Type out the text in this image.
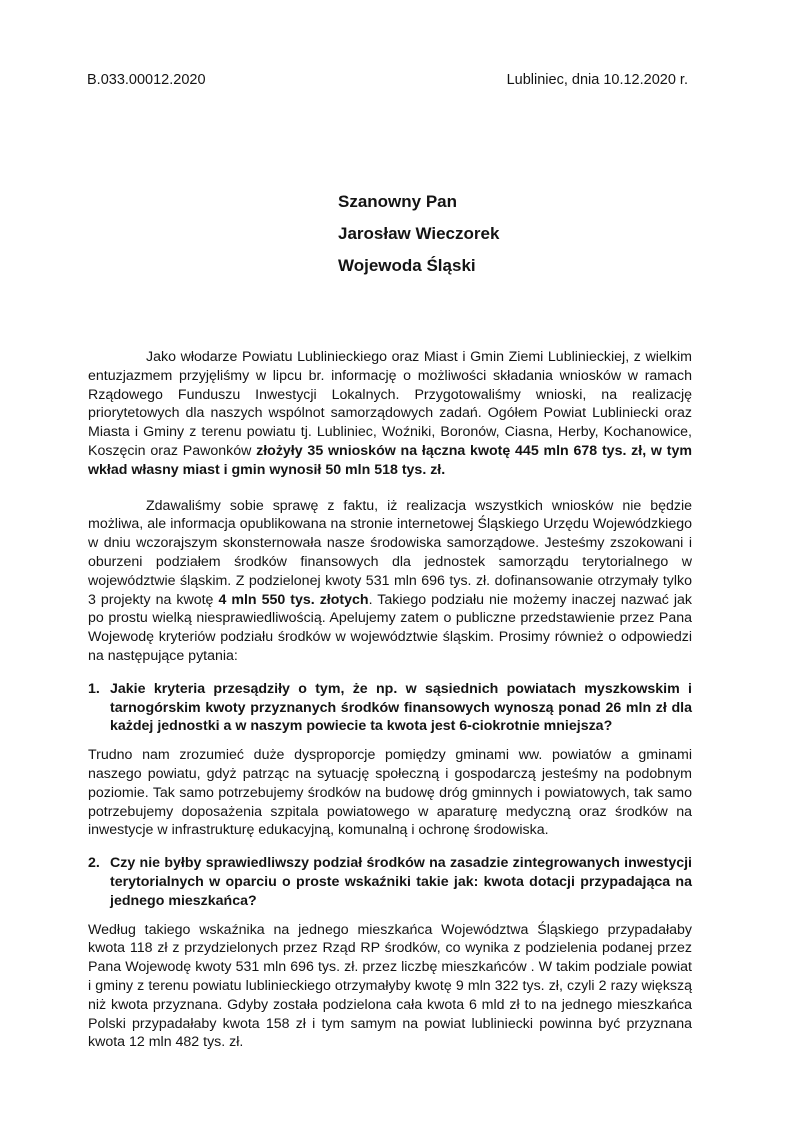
B.033.00012.2020	Lubliniec, dnia 10.12.2020 r.
Szanowny Pan
Jarosław Wieczorek
Wojewoda Śląski

Jako włodarze Powiatu Lublinieckiego oraz Miast i Gmin Ziemi Lublinieckiej, z wielkim entuzjazmem przyjęliśmy w lipcu br. informację o możliwości składania wniosków w ramach Rządowego Funduszu Inwestycji Lokalnych. Przygotowaliśmy wnioski, na realizację priorytetowych dla naszych wspólnot samorządowych zadań. Ogółem Powiat Lubliniecki oraz Miasta i Gminy z terenu powiatu tj. Lubliniec, Woźniki, Boronów, Ciasna, Herby, Kochanowice, Koszęcin oraz Pawonków złożyły 35 wniosków na łączna kwotę 445 mln 678 tys. zł, w tym wkład własny miast i gmin wynosił 50 mln 518 tys. zł.

Zdawaliśmy sobie sprawę z faktu, iż realizacja wszystkich wniosków nie będzie możliwa, ale informacja opublikowana na stronie internetowej Śląskiego Urzędu Wojewódzkiego w dniu wczorajszym skonsternowała nasze środowiska samorządowe. Jesteśmy zszokowani i oburzeni podziałem środków finansowych dla jednostek samorządu terytorialnego w województwie śląskim. Z podzielonej kwoty 531 mln 696 tys. zł. dofinansowanie otrzymały tylko 3 projekty na kwotę 4 mln 550 tys. złotych. Takiego podziału nie możemy inaczej nazwać jak po prostu wielką niesprawiedliwością. Apelujemy zatem o publiczne przedstawienie przez Pana Wojewodę kryteriów podziału środków w województwie śląskim. Prosimy również o odpowiedzi na następujące pytania:

1. Jakie kryteria przesądziły o tym, że np. w sąsiednich powiatach myszkowskim i tarnogórskim kwoty przyznanych środków finansowych wynoszą ponad 26 mln zł dla każdej jednostki a w naszym powiecie ta kwota jest 6-ciokrotnie mniejsza?

Trudno nam zrozumieć duże dysproporcje pomiędzy gminami ww. powiatów a gminami naszego powiatu, gdyż patrząc na sytuację społeczną i gospodarczą jesteśmy na podobnym poziomie. Tak samo potrzebujemy środków na budowę dróg gminnych i powiatowych, tak samo potrzebujemy doposażenia szpitala powiatowego w aparaturę medyczną oraz środków na inwestycje w infrastrukturę edukacyjną, komunalną i ochronę środowiska.

2. Czy nie byłby sprawiedliwszy podział środków na zasadzie zintegrowanych inwestycji terytorialnych w oparciu o proste wskaźniki takie jak: kwota dotacji przypadająca na jednego mieszkańca?

Według takiego wskaźnika na jednego mieszkańca Województwa Śląskiego przypadałaby kwota 118 zł z przydzielonych przez Rząd RP środków, co wynika z podzielenia podanej przez Pana Wojewodę kwoty 531 mln 696 tys. zł. przez liczbę mieszkańców . W takim podziale powiat i gminy z terenu powiatu lublinieckiego otrzymałyby kwotę 9 mln 322 tys. zł, czyli 2 razy większą niż kwota przyznana. Gdyby została podzielona cała kwota 6 mld zł to na jednego mieszkańca Polski przypadałaby kwota 158 zł i tym samym na powiat lubliniecki powinna być przyznana kwota 12 mln 482 tys. zł.
